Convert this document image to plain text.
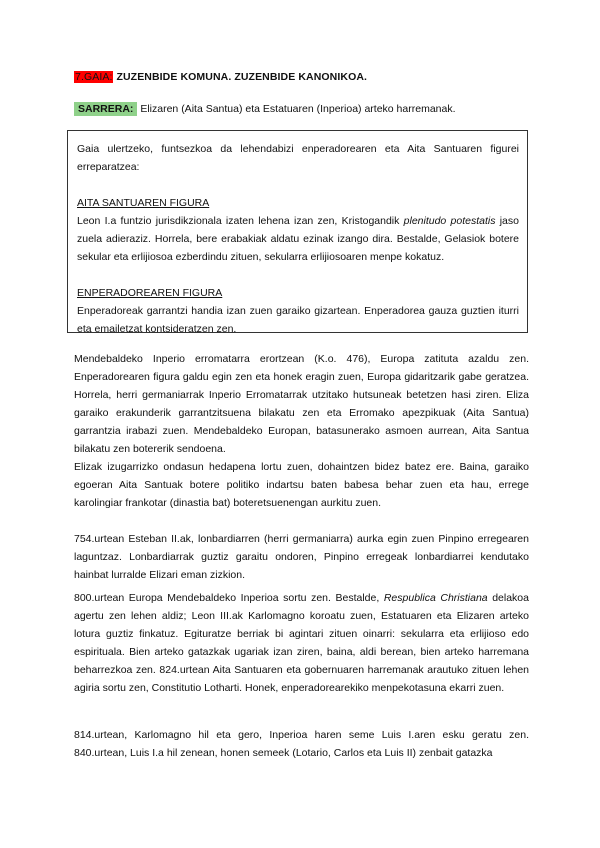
7.GAIA: ZUZENBIDE KOMUNA. ZUZENBIDE KANONIKOA.
SARRERA: Elizaren (Aita Santua) eta Estatuaren (Inperioa) arteko harremanak.

Gaia ulertzeko, funtsezkoa da lehendabizi enperadorearen eta Aita Santuaren figurei erreparatzea:

AITA SANTUAREN FIGURA

Leon I.a funtzio jurisdikzionala izaten lehena izan zen, Kristogandik plenitudo potestatis jaso zuela adieraziz. Horrela, bere erabakiak aldatu ezinak izango dira. Bestalde, Gelasiok botere sekular eta erlijiosoa ezberdindu zituen, sekularra erlijiosoaren menpe kokatuz.

ENPERADOREAREN FIGURA

Enperadoreak garrantzi handia izan zuen garaiko gizartean. Enperadorea gauza guztien iturri eta emailetzat kontsideratzen zen.

Mendebaldeko Inperio erromatarra erortzean (K.o. 476), Europa zatituta azaldu zen. Enperadorearen figura galdu egin zen eta honek eragin zuen, Europa gidaritzarik gabe geratzea. Horrela, herri germaniarrak Inperio Erromatarrak utzitako hutsuneak betetzen hasi ziren. Eliza garaiko erakunderik garrantzitsuena bilakatu zen eta Erromako apezpikuak (Aita Santua) garrantzia irabazi zuen. Mendebaldeko Europan, batasunerako asmoen aurrean, Aita Santua bilakatu zen botererik sendoena.

Elizak izugarrizko ondasun hedapena lortu zuen, dohaintzen bidez batez ere. Baina, garaiko egoeran Aita Santuak botere politiko indartsu baten babesa behar zuen eta hau, errege karolingiar frankotar (dinastia bat) boteretsuenengan aurkitu zuen.

754.urtean Esteban II.ak, lonbardiarren (herri germaniarra) aurka egin zuen Pinpino erregearen laguntzaz. Lonbardiarrak guztiz garaitu ondoren, Pinpino erregeak lonbardiarrei kendutako hainbat lurralde Elizari eman zizkion.

800.urtean Europa Mendebaldeko Inperioa sortu zen. Bestalde, Respublica Christiana delakoa agertu zen lehen aldiz; Leon III.ak Karlomagno koroatu zuen, Estatuaren eta Elizaren arteko lotura guztiz finkatuz. Egituratze berriak bi agintari zituen oinarri: sekularra eta erlijioso edo espirituala. Bien arteko gatazkak ugariak izan ziren, baina, aldi berean, bien arteko harremana beharrezkoa zen. 824.urtean Aita Santuaren eta gobernuaren harremanak arautuko zituen lehen agiria sortu zen, Constitutio Lotharti. Honek, enperadorearekiko menpekotasuna ekarri zuen.

814.urtean, Karlomagno hil eta gero, Inperioa haren seme Luis I.aren esku geratu zen. 840.urtean, Luis I.a hil zenean, honen semeek (Lotario, Carlos eta Luis II) zenbait gatazka
